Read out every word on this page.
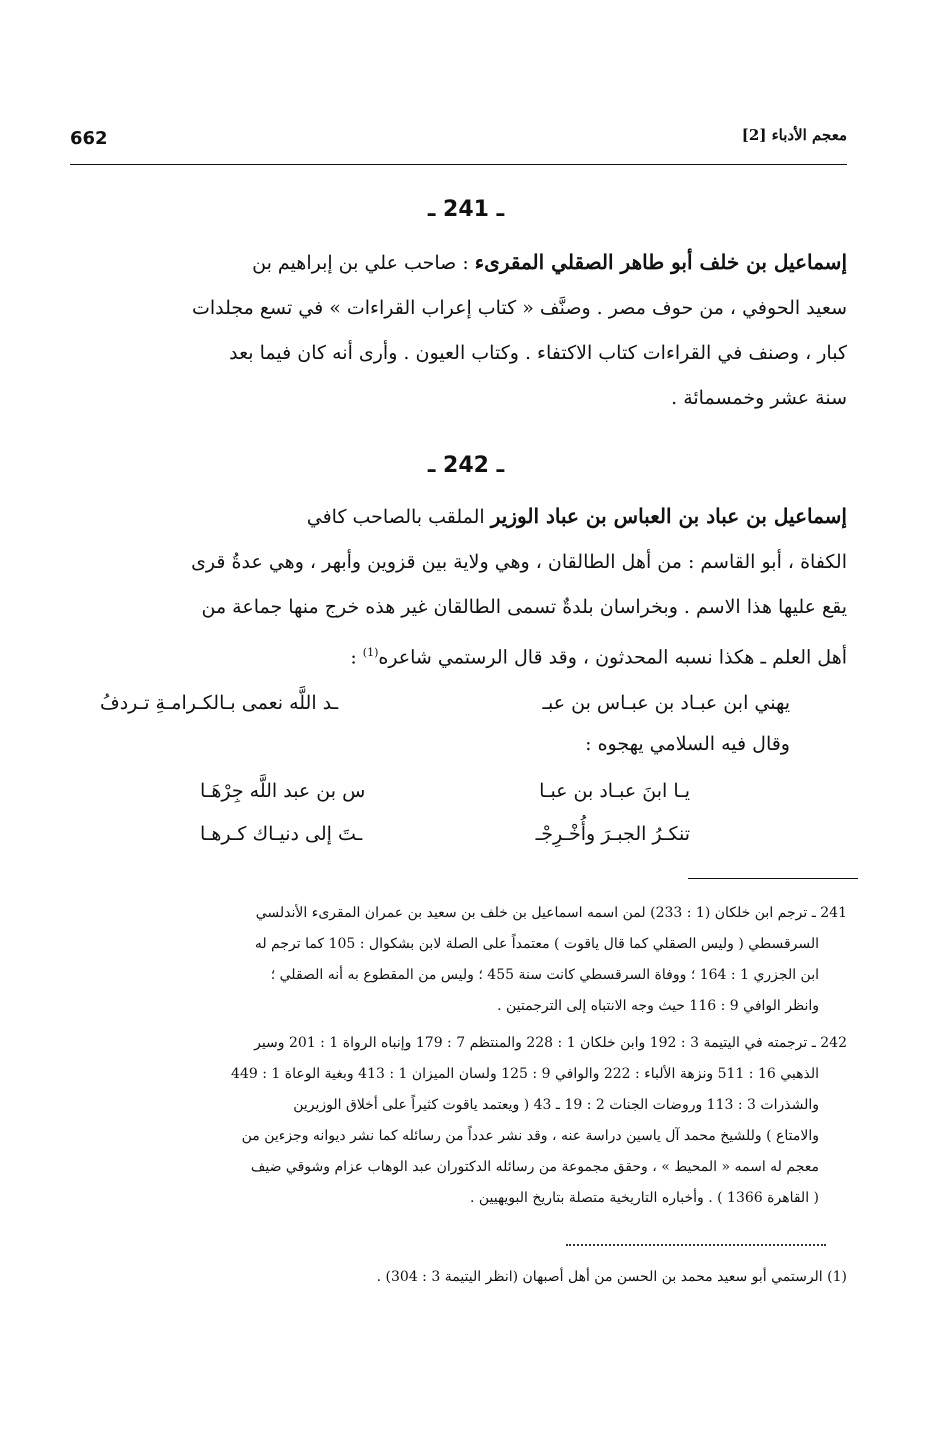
662	معجم الأدباء [2]
ـ 241 ـ
إسماعيل بن خلف أبو طاهر الصقلي المقرىء : صاحب علي بن إبراهيم بن
سعيد الحوفي ، من حوف مصر . وصنَّف « كتاب إعراب القراءات » في تسع مجلدات
كبار ، وصنف في القراءات كتاب الاكتفاء . وكتاب العيون . وأرى أنه كان فيما بعد
سنة عشر وخمسمائة .
ـ 242 ـ
إسماعيل بن عباد بن العباس بن عباد الوزير الملقب بالصاحب كافي
الكفاة ، أبو القاسم : من أهل الطالقان ، وهي ولاية بين قزوين وأبهر ، وهي عدةُ قرى
يقع عليها هذا الاسم . وبخراسان بلدةٌ تسمى الطالقان غير هذه خرج منها جماعة من
أهل العلم ـ هكذا نسبه المحدثون ، وقد قال الرستمي شاعره$^{(1)}$ :
يهني ابن عبـاد بن عبـاس بن عبـ
ـد اللَّه نعمى بـالكـرامـةِ تـردفُ
وقال فيه السلامي يهجوه :
يـا ابنَ عبـاد بن عبـا
س بن عبد اللَّه جِرْهَـا
تنكـرُ الجبـرَ وأُخْـرِجْـ
ـتَ إلى دنيـاك كـرهـا
241 ـ ترجم ابن خلكان (1 : 233) لمن اسمه اسماعيل بن خلف بن سعيد بن عمران المقرىء الأندلسي
السرقسطي ( وليس الصقلي كما قال ياقوت ) معتمداً على الصلة لابن بشكوال : 105 كما ترجم له
ابن الجزري 1 : 164 ؛ ووفاة السرقسطي كانت سنة 455 ؛ وليس من المقطوع به أنه الصقلي ؛
وانظر الوافي 9 : 116 حيث وجه الانتباه إلى الترجمتين .
242 ـ ترجمته في اليتيمة 3 : 192 وابن خلكان 1 : 228 والمنتظم 7 : 179 وإنباه الرواة 1 : 201 وسير
الذهبي 16 : 511 ونزهة الألباء : 222 والوافي 9 : 125 ولسان الميزان 1 : 413 وبغية الوعاة 1 : 449
والشذرات 3 : 113 وروضات الجنات 2 : 19 ـ 43 ( ويعتمد ياقوت كثيراً على أخلاق الوزيرين
والامتاع ) وللشيخ محمد آل ياسين دراسة عنه ، وقد نشر عدداً من رسائله كما نشر ديوانه وجزءين من
معجم له اسمه « المحيط » ، وحقق مجموعة من رسائله الدكتوران عبد الوهاب عزام وشوقي ضيف
( القاهرة 1366 ) . وأخباره التاريخية متصلة بتاريخ البويهيين .
(1) الرستمي أبو سعيد محمد بن الحسن من أهل أصبهان (انظر اليتيمة 3 : 304) .
